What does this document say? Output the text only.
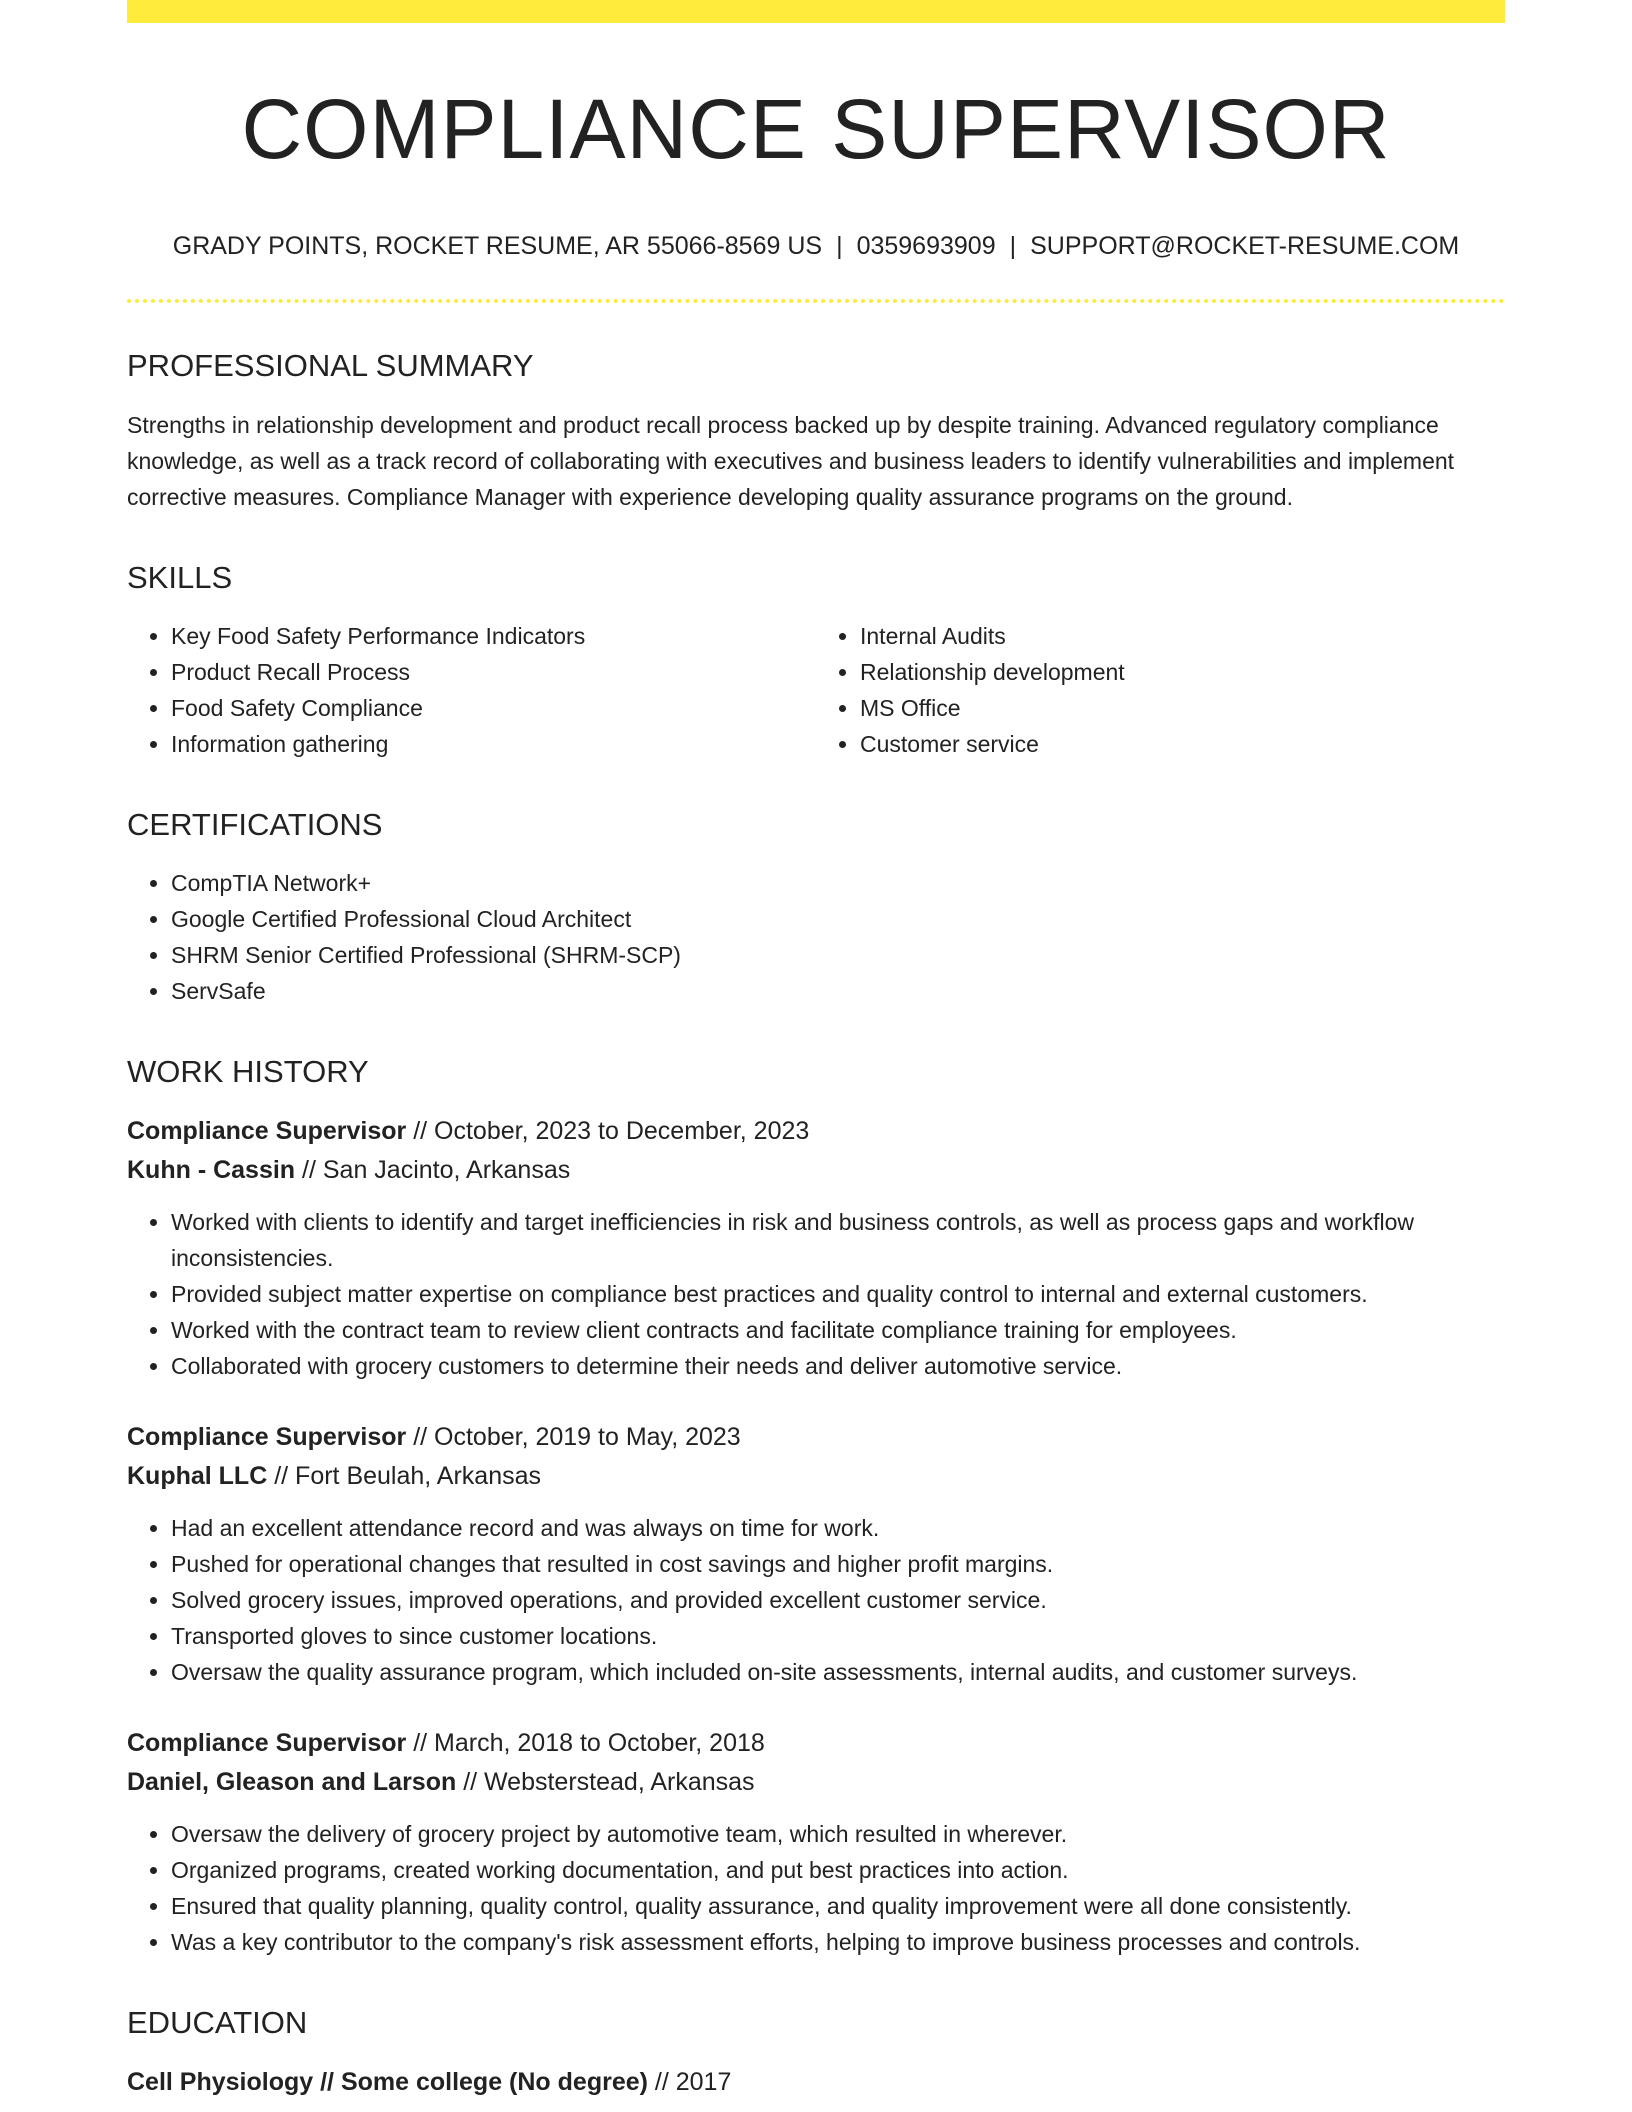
COMPLIANCE SUPERVISOR
GRADY POINTS, ROCKET RESUME, AR 55066-8569 US | 0359693909 | SUPPORT@ROCKET-RESUME.COM
PROFESSIONAL SUMMARY

Strengths in relationship development and product recall process backed up by despite training. Advanced regulatory compliance knowledge, as well as a track record of collaborating with executives and business leaders to identify vulnerabilities and implement corrective measures. Compliance Manager with experience developing quality assurance programs on the ground.

SKILLS
• Key Food Safety Performance Indicators
• Product Recall Process
• Food Safety Compliance
• Information gathering
• Internal Audits
• Relationship development
• MS Office
• Customer service
CERTIFICATIONS
• CompTIA Network+
• Google Certified Professional Cloud Architect
• SHRM Senior Certified Professional (SHRM-SCP)
• ServSafe
WORK HISTORY
Compliance Supervisor // October, 2023 to December, 2023
Kuhn - Cassin // San Jacinto, Arkansas
• Worked with clients to identify and target inefficiencies in risk and business controls, as well as process gaps and workflow inconsistencies.
• Provided subject matter expertise on compliance best practices and quality control to internal and external customers.
• Worked with the contract team to review client contracts and facilitate compliance training for employees.
• Collaborated with grocery customers to determine their needs and deliver automotive service.
Compliance Supervisor // October, 2019 to May, 2023
Kuphal LLC // Fort Beulah, Arkansas
• Had an excellent attendance record and was always on time for work.
• Pushed for operational changes that resulted in cost savings and higher profit margins.
• Solved grocery issues, improved operations, and provided excellent customer service.
• Transported gloves to since customer locations.
• Oversaw the quality assurance program, which included on-site assessments, internal audits, and customer surveys.
Compliance Supervisor // March, 2018 to October, 2018
Daniel, Gleason and Larson // Websterstead, Arkansas
• Oversaw the delivery of grocery project by automotive team, which resulted in wherever.
• Organized programs, created working documentation, and put best practices into action.
• Ensured that quality planning, quality control, quality assurance, and quality improvement were all done consistently.
• Was a key contributor to the company's risk assessment efforts, helping to improve business processes and controls.
EDUCATION
Cell Physiology // Some college (No degree) // 2017
